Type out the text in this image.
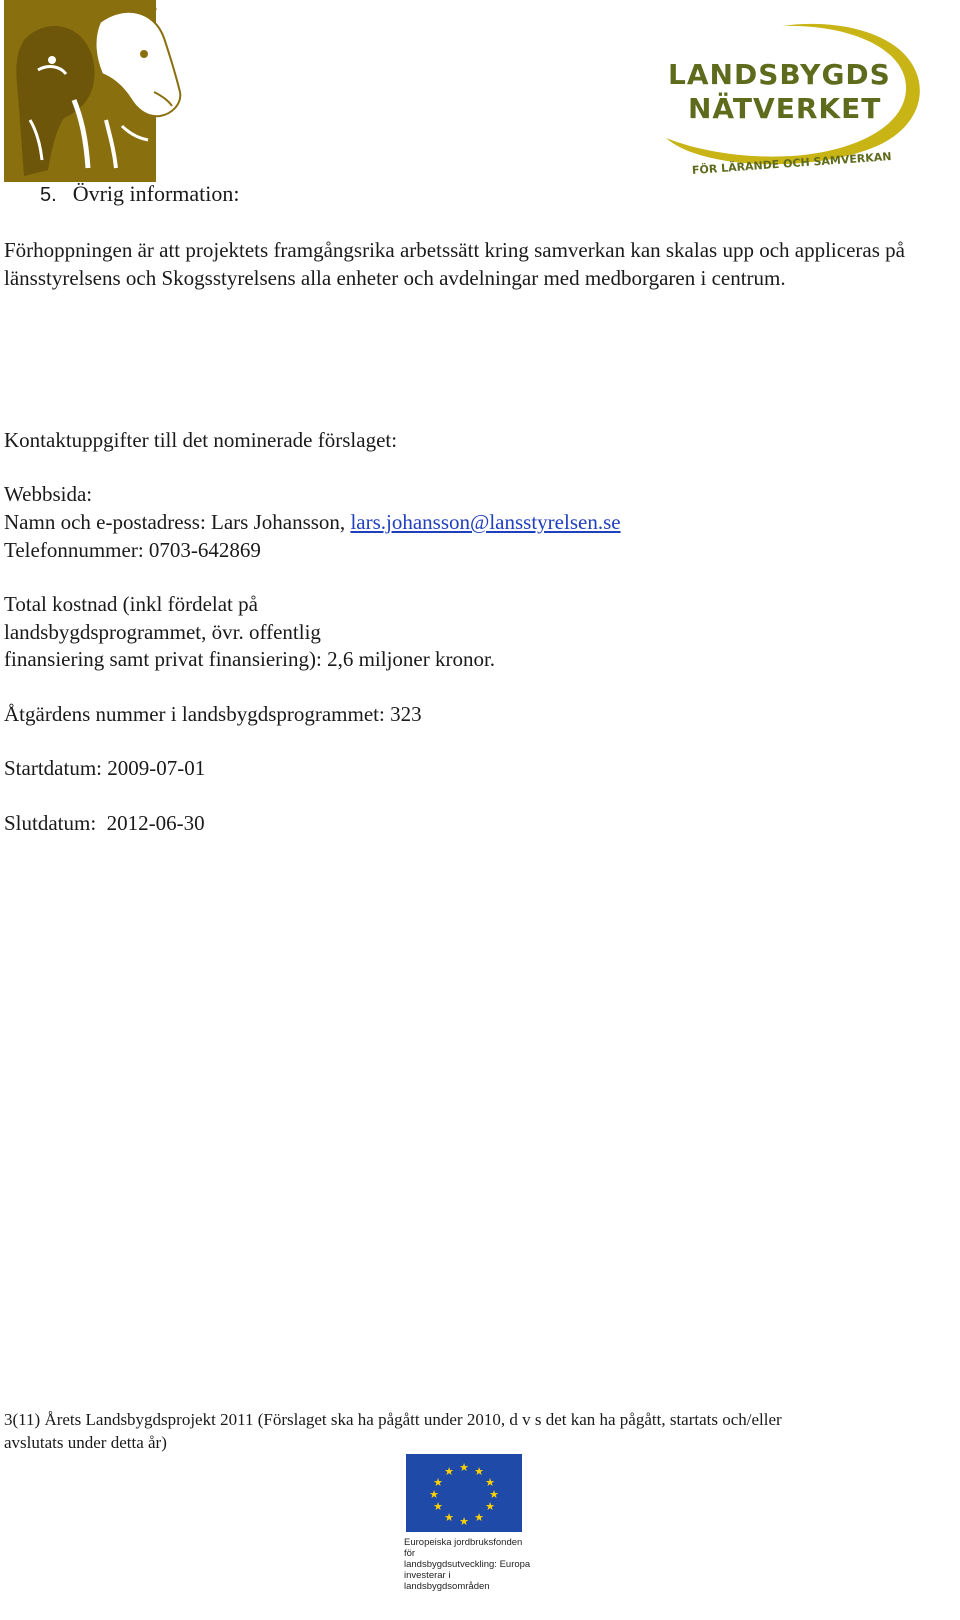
LANDSBYGDS
NÄTVERKET
FÖR LÄRANDE OCH SAMVERKAN
5. Övrig information:
Förhoppningen är att projektets framgångsrika arbetssätt kring samverkan kan skalas upp och appliceras på länsstyrelsens och Skogsstyrelsens alla enheter och avdelningar med medborgaren i centrum.
Kontaktuppgifter till det nominerade förslaget:
Webbsida:
Namn och e-postadress: Lars Johansson, lars.johansson@lansstyrelsen.se
Telefonnummer: 0703-642869
Total kostnad (inkl fördelat på
landsbygdsprogrammet, övr. offentlig
finansiering samt privat finansiering): 2,6 miljoner kronor.
Åtgärdens nummer i landsbygdsprogrammet: 323
Startdatum: 2009-07-01
Slutdatum:  2012-06-30
3(11) Årets Landsbygdsprojekt 2011 (Förslaget ska ha pågått under 2010, d v s det kan ha pågått, startats och/eller
avslutats under detta år)
★ ★
★
★
★
★
★
★
★
★
★
★
Europeiska jordbruksfonden för
landsbygdsutveckling: Europa
investerar i landsbygdsområden
